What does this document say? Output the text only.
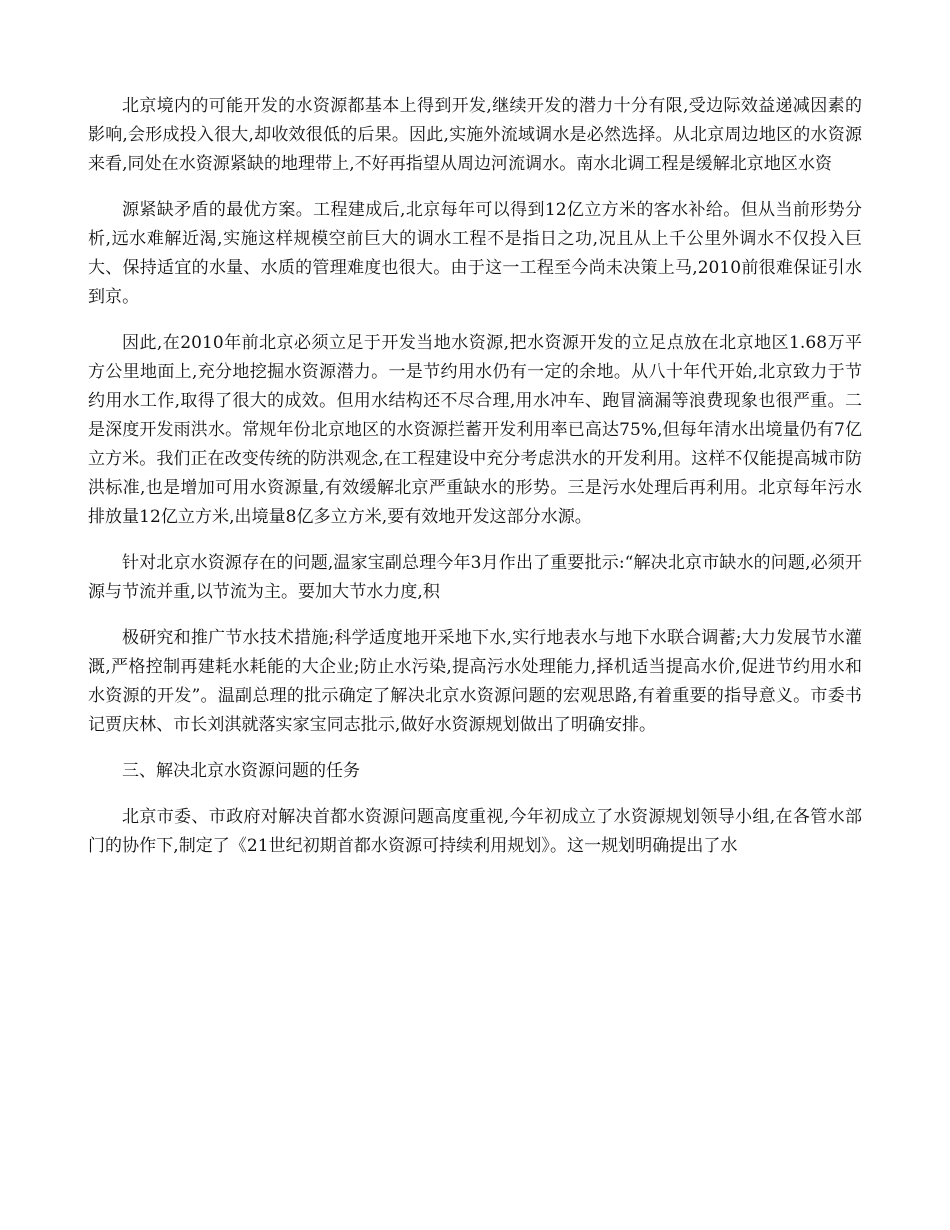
北京境内的可能开发的水资源都基本上得到开发,继续开发的潜力十分有限,受边际效益递减因素的影响,会形成投入很大,却收效很低的后果。因此,实施外流域调水是必然选择。从北京周边地区的水资源来看,同处在水资源紧缺的地理带上,不好再指望从周边河流调水。南水北调工程是缓解北京地区水资

源紧缺矛盾的最优方案。工程建成后,北京每年可以得到12亿立方米的客水补给。但从当前形势分析,远水难解近渴,实施这样规模空前巨大的调水工程不是指日之功,况且从上千公里外调水不仅投入巨大、保持适宜的水量、水质的管理难度也很大。由于这一工程至今尚未决策上马,2010前很难保证引水到京。

因此,在2010年前北京必须立足于开发当地水资源,把水资源开发的立足点放在北京地区1.68万平方公里地面上,充分地挖掘水资源潜力。一是节约用水仍有一定的余地。从八十年代开始,北京致力于节约用水工作,取得了很大的成效。但用水结构还不尽合理,用水冲车、跑冒滴漏等浪费现象也很严重。二是深度开发雨洪水。常规年份北京地区的水资源拦蓄开发利用率已高达75%,但每年清水出境量仍有7亿立方米。我们正在改变传统的防洪观念,在工程建设中充分考虑洪水的开发利用。这样不仅能提高城市防洪标准,也是增加可用水资源量,有效缓解北京严重缺水的形势。三是污水处理后再利用。北京每年污水排放量12亿立方米,出境量8亿多立方米,要有效地开发这部分水源。

针对北京水资源存在的问题,温家宝副总理今年3月作出了重要批示:“解决北京市缺水的问题,必须开源与节流并重,以节流为主。要加大节水力度,积

极研究和推广节水技术措施;科学适度地开采地下水,实行地表水与地下水联合调蓄;大力发展节水灌溉,严格控制再建耗水耗能的大企业;防止水污染,提高污水处理能力,择机适当提高水价,促进节约用水和水资源的开发”。温副总理的批示确定了解决北京水资源问题的宏观思路,有着重要的指导意义。市委书记贾庆林、市长刘淇就落实家宝同志批示,做好水资源规划做出了明确安排。

三、解决北京水资源问题的任务

北京市委、市政府对解决首都水资源问题高度重视,今年初成立了水资源规划领导小组,在各管水部门的协作下,制定了《21世纪初期首都水资源可持续利用规划》。这一规划明确提出了水
